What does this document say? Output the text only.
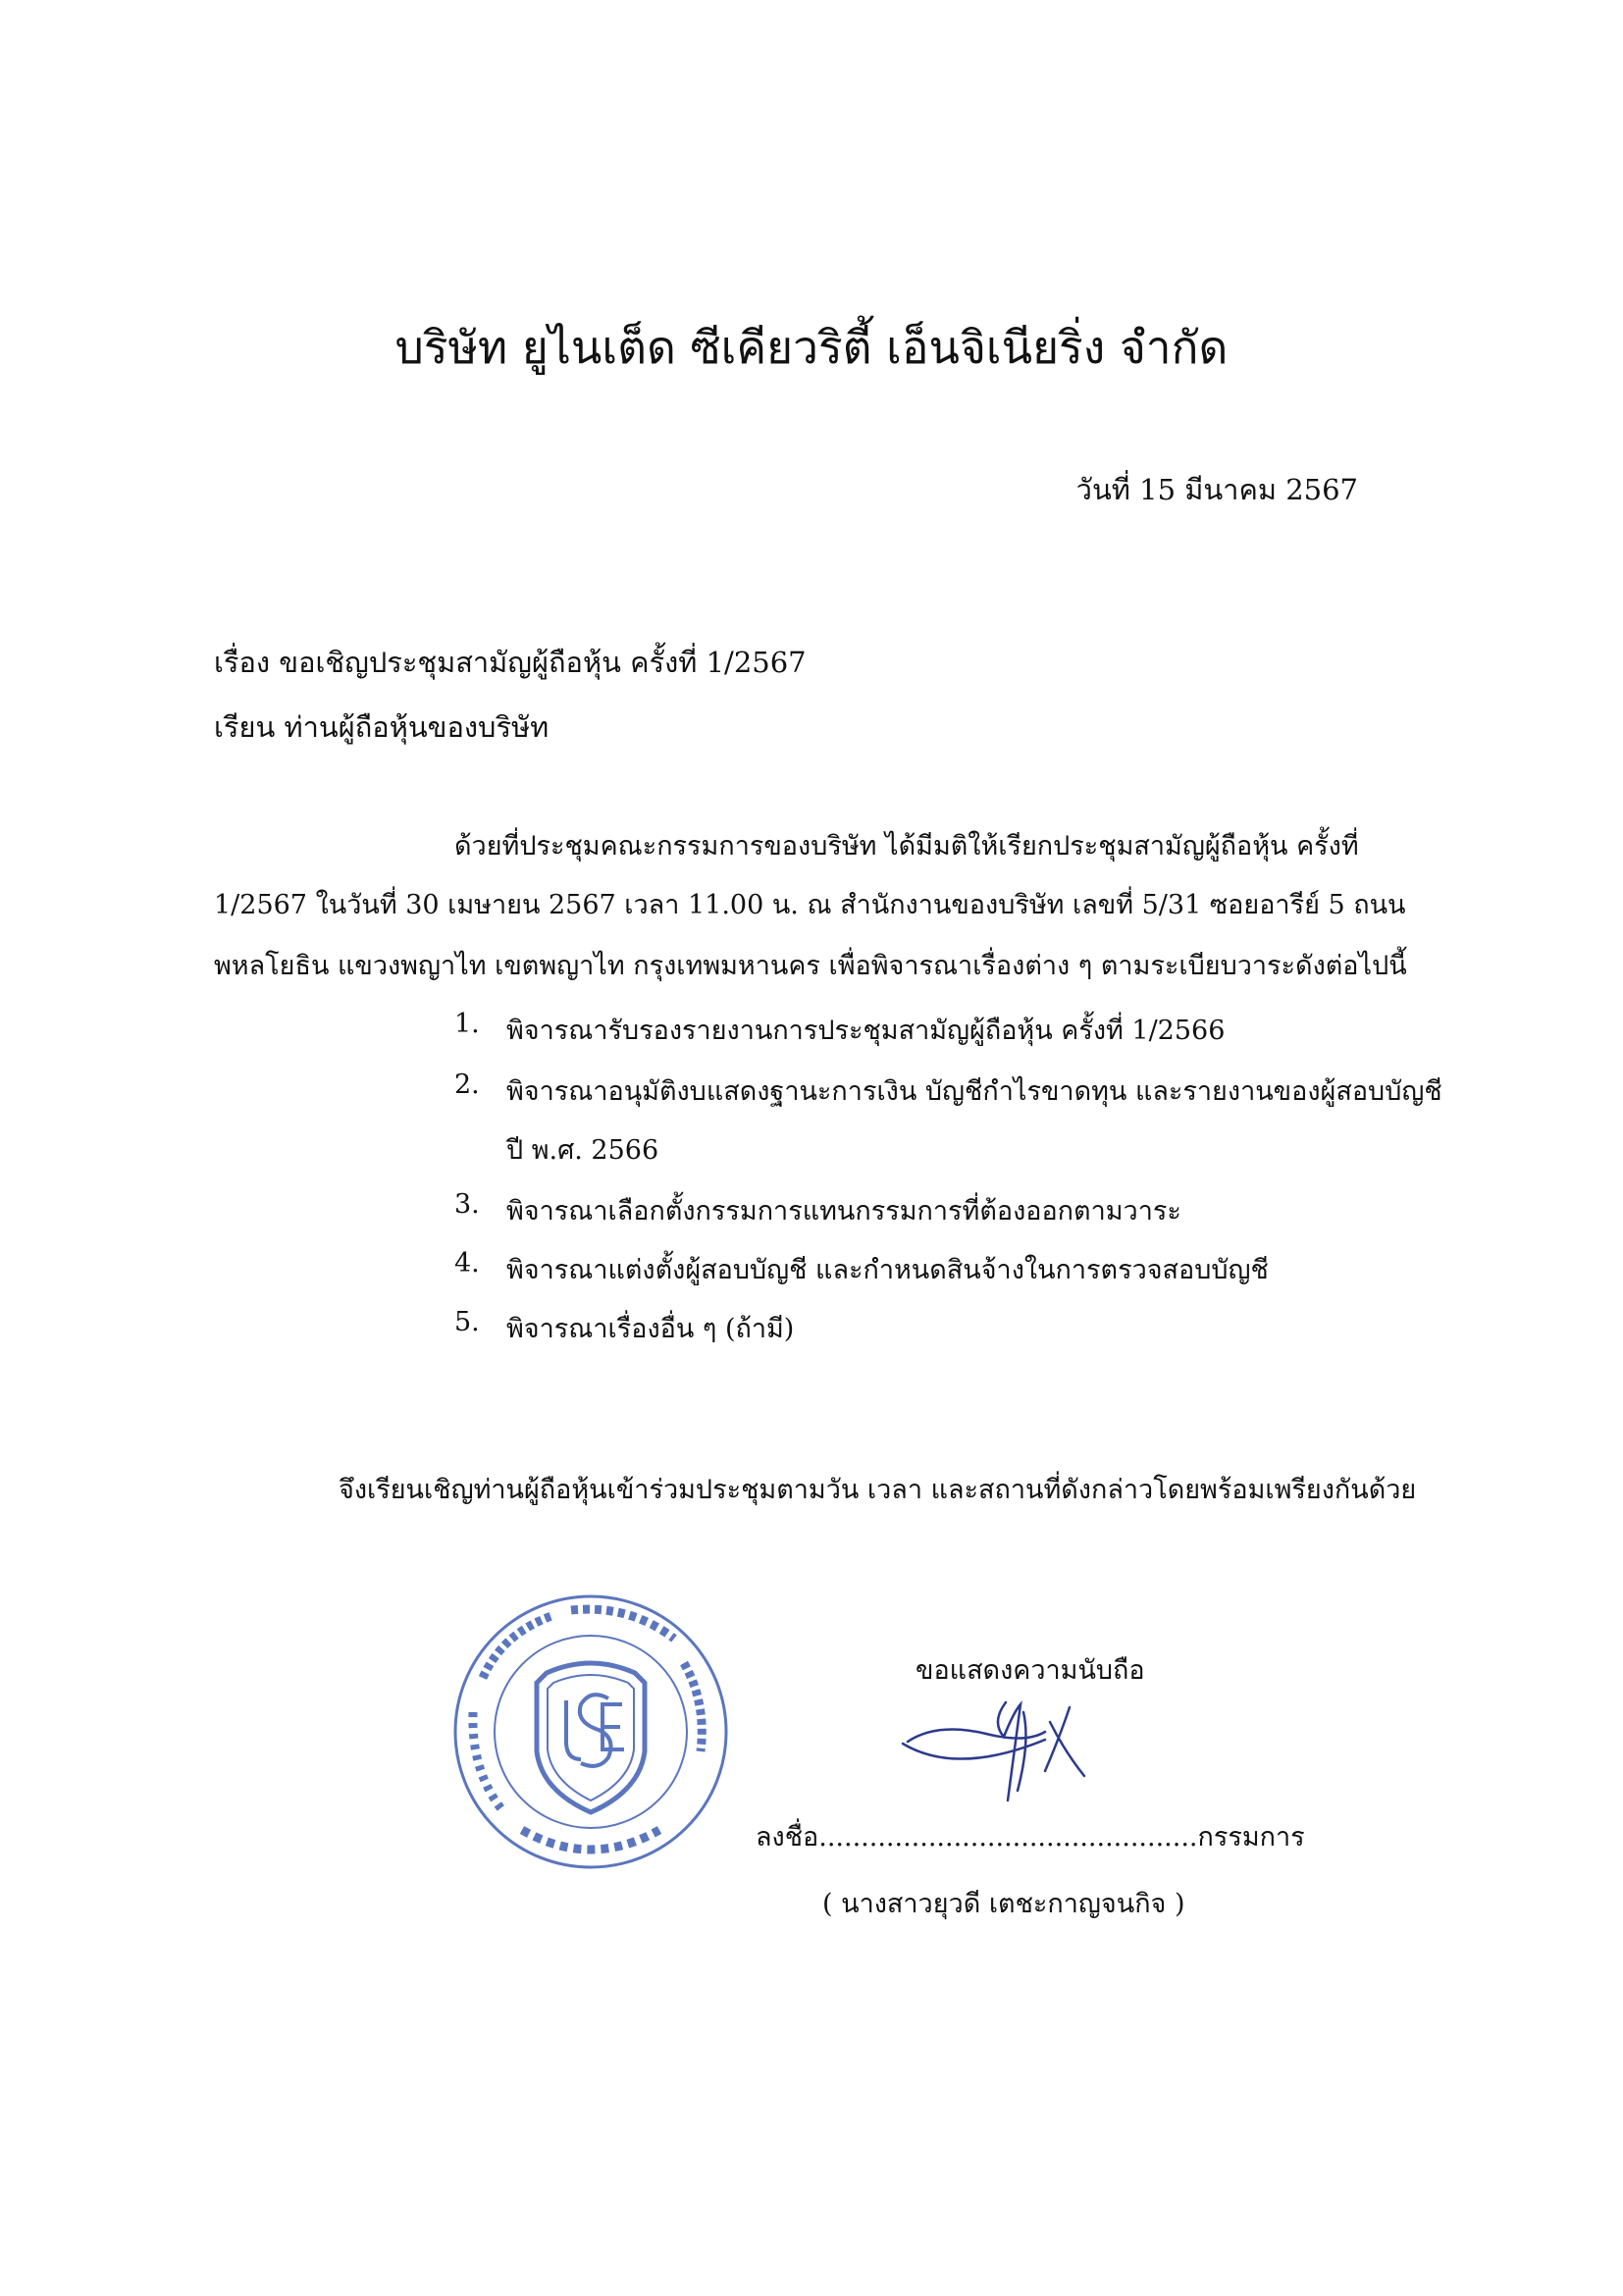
บริษัท ยูไนเต็ด ซีเคียวริตี้ เอ็นจิเนียริ่ง จำกัด
วันที่ 15 มีนาคม 2567
เรื่อง ขอเชิญประชุมสามัญผู้ถือหุ้น ครั้งที่ 1/2567
เรียน ท่านผู้ถือหุ้นของบริษัท
ด้วยที่ประชุมคณะกรรมการของบริษัท ได้มีมติให้เรียกประชุมสามัญผู้ถือหุ้น ครั้งที่
1/2567 ในวันที่ 30 เมษายน 2567 เวลา 11.00 น. ณ สำนักงานของบริษัท เลขที่ 5/31 ซอยอารีย์ 5 ถนน
พหลโยธิน แขวงพญาไท เขตพญาไท กรุงเทพมหานคร เพื่อพิจารณาเรื่องต่าง ๆ ตามระเบียบวาระดังต่อไปนี้
1. พิจารณารับรองรายงานการประชุมสามัญผู้ถือหุ้น ครั้งที่ 1/2566
2. พิจารณาอนุมัติงบแสดงฐานะการเงิน บัญชีกำไรขาดทุน และรายงานของผู้สอบบัญชี
ปี พ.ศ. 2566
3. พิจารณาเลือกตั้งกรรมการแทนกรรมการที่ต้องออกตามวาระ
4. พิจารณาแต่งตั้งผู้สอบบัญชี และกำหนดสินจ้างในการตรวจสอบบัญชี
5. พิจารณาเรื่องอื่น ๆ (ถ้ามี)
จึงเรียนเชิญท่านผู้ถือหุ้นเข้าร่วมประชุมตามวัน เวลา และสถานที่ดังกล่าวโดยพร้อมเพรียงกันด้วย
ขอแสดงความนับถือ
ลงชื่อ.............................................กรรมการ
( นางสาวยุวดี เตชะกาญจนกิจ )
